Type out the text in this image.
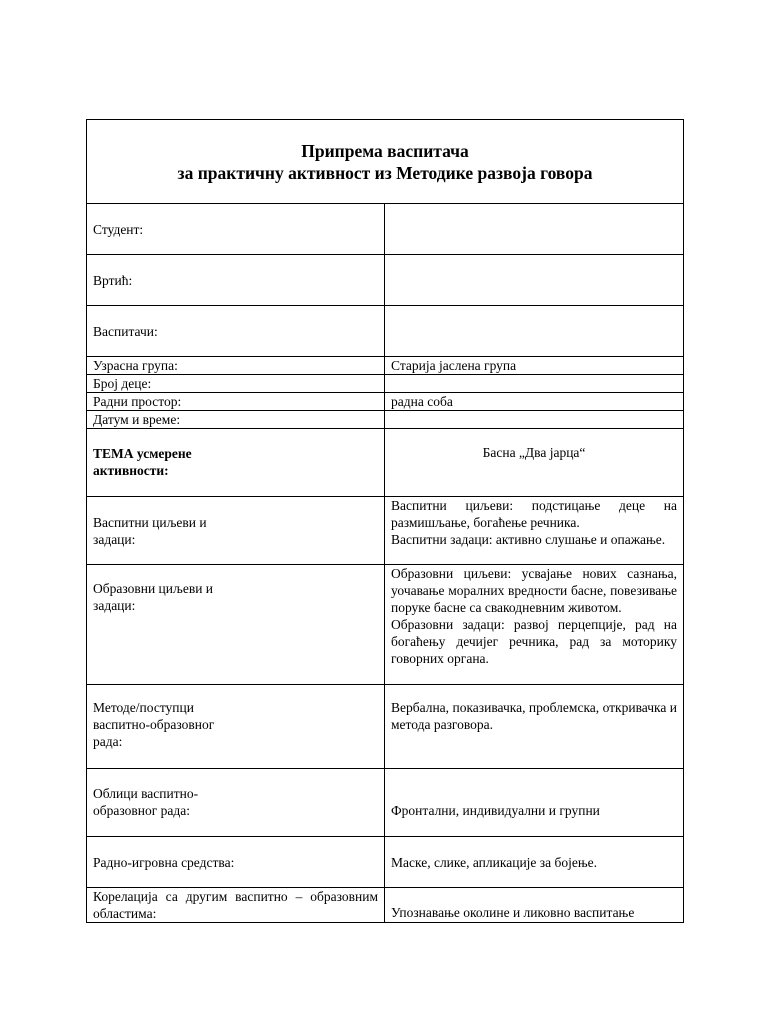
Припрема васпитача
за практичну активност из Методике развоја говора	

Студент:	
Вртић:	
Васпитачи:	
Узрасна група:	Старија јаслена група
Број деце:	
Радни простор:	радна соба
Датум и време:	
ТЕМА усмерене
активности:	Басна „Два јарца“
Васпитни циљеви и
задаци:	Васпитни циљеви: подстицање деце на размишљање, богаћење речника.
Васпитни задаци: активно слушање и опажање.

Образовни циљеви и
задаци:	Образовни циљеви: усвајање нових сазнања, уочавање моралних вредности басне, повезивање поруке басне са свакодневним животом.
Образовни задаци: развој перцепције, рад на богаћењу дечијег речника, рад за моторику говорних органа.

Методе/поступци
васпитно-образовног
рада:	Вербална, показивачка, проблемска, откривачка и метода разговора.
Облици васпитно-
образовног рада:	Фронтални, индивидуални и групни
Радно-игровна средства:	Маске, слике, апликације за бојење.
Корелација са другим васпитно – образовним областима:	Упознавање околине и ликовно васпитање
